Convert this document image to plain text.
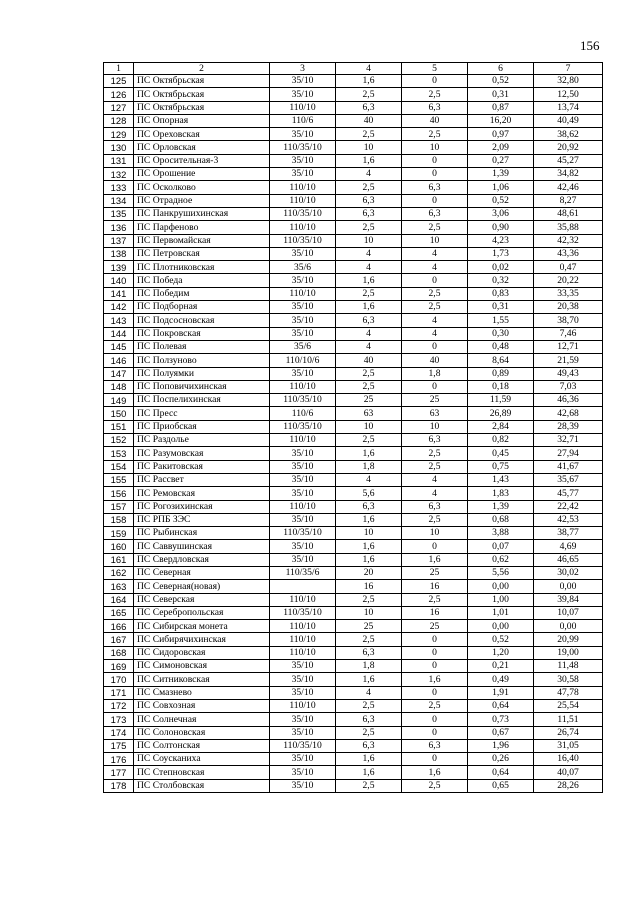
156
1	2	3	4	5	6	7
125	ПС Октябрьская	35/10	1,6	0	0,52	32,80
126	ПС Октябрьская	35/10	2,5	2,5	0,31	12,50
127	ПС Октябрьская	110/10	6,3	6,3	0,87	13,74
128	ПС Опорная	110/6	40	40	16,20	40,49
129	ПС Ореховская	35/10	2,5	2,5	0,97	38,62
130	ПС Орловская	110/35/10	10	10	2,09	20,92
131	ПС Оросительная-3	35/10	1,6	0	0,27	45,27
132	ПС Орошение	35/10	4	0	1,39	34,82
133	ПС Осколково	110/10	2,5	6,3	1,06	42,46
134	ПС Отрадное	110/10	6,3	0	0,52	8,27
135	ПС Панкрушихинская	110/35/10	6,3	6,3	3,06	48,61
136	ПС Парфеново	110/10	2,5	2,5	0,90	35,88
137	ПС Первомайская	110/35/10	10	10	4,23	42,32
138	ПС Петровская	35/10	4	4	1,73	43,36
139	ПС Плотниковская	35/6	4	4	0,02	0,47
140	ПС Победа	35/10	1,6	0	0,32	20,22
141	ПС Победим	110/10	2,5	2,5	0,83	33,35
142	ПС Подборная	35/10	1,6	2,5	0,31	20,38
143	ПС Подсосновская	35/10	6,3	4	1,55	38,70
144	ПС Покровская	35/10	4	4	0,30	7,46
145	ПС Полевая	35/6	4	0	0,48	12,71
146	ПС Ползуново	110/10/6	40	40	8,64	21,59
147	ПС Полуямки	35/10	2,5	1,8	0,89	49,43
148	ПС Поповичихинская	110/10	2,5	0	0,18	7,03
149	ПС Поспелихинская	110/35/10	25	25	11,59	46,36
150	ПС Пресс	110/6	63	63	26,89	42,68
151	ПС Приобская	110/35/10	10	10	2,84	28,39
152	ПС Раздолье	110/10	2,5	6,3	0,82	32,71
153	ПС Разумовская	35/10	1,6	2,5	0,45	27,94
154	ПС Ракитовская	35/10	1,8	2,5	0,75	41,67
155	ПС Рассвет	35/10	4	4	1,43	35,67
156	ПС Ремовская	35/10	5,6	4	1,83	45,77
157	ПС Рогозихинская	110/10	6,3	6,3	1,39	22,42
158	ПС РПБ ЗЭС	35/10	1,6	2,5	0,68	42,53
159	ПС Рыбинская	110/35/10	10	10	3,88	38,77
160	ПС Саввушинская	35/10	1,6	0	0,07	4,69
161	ПС Свердловская	35/10	1,6	1,6	0,62	46,65
162	ПС Северная	110/35/6	20	25	5,56	30,02
163	ПС Северная(новая)		16	16	0,00	0,00
164	ПС Северская	110/10	2,5	2,5	1,00	39,84
165	ПС Серебропольская	110/35/10	10	16	1,01	10,07
166	ПС Сибирская монета	110/10	25	25	0,00	0,00
167	ПС Сибирячихинская	110/10	2,5	0	0,52	20,99
168	ПС Сидоровская	110/10	6,3	0	1,20	19,00
169	ПС Симоновская	35/10	1,8	0	0,21	11,48
170	ПС Ситниковская	35/10	1,6	1,6	0,49	30,58
171	ПС Смазнево	35/10	4	0	1,91	47,78
172	ПС Совхозная	110/10	2,5	2,5	0,64	25,54
173	ПС Солнечная	35/10	6,3	0	0,73	11,51
174	ПС Солоновская	35/10	2,5	0	0,67	26,74
175	ПС Солтонская	110/35/10	6,3	6,3	1,96	31,05
176	ПС Соусканиха	35/10	1,6	0	0,26	16,40
177	ПС Степновская	35/10	1,6	1,6	0,64	40,07
178	ПС Столбовская	35/10	2,5	2,5	0,65	28,26
